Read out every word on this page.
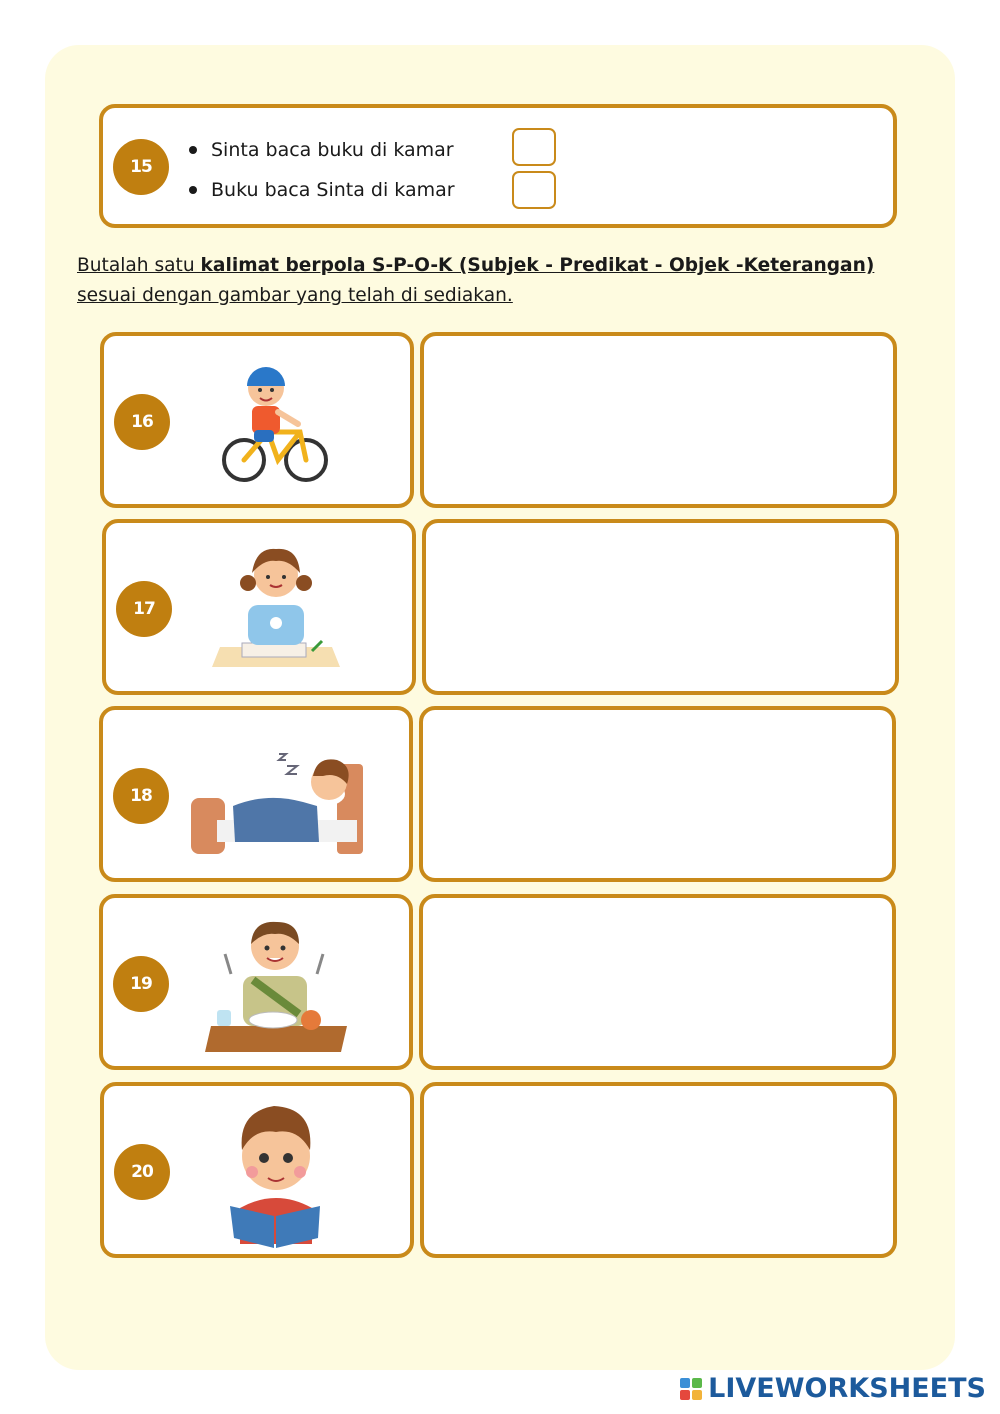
15
Sinta baca buku di kamar
Buku baca Sinta di kamar
Butalah satu kalimat berpola S-P-O-K (Subjek - Predikat - Objek -Keterangan) sesuai dengan gambar yang telah di sediakan.
16
17
18
19
20
LIVEWORKSHEETS
